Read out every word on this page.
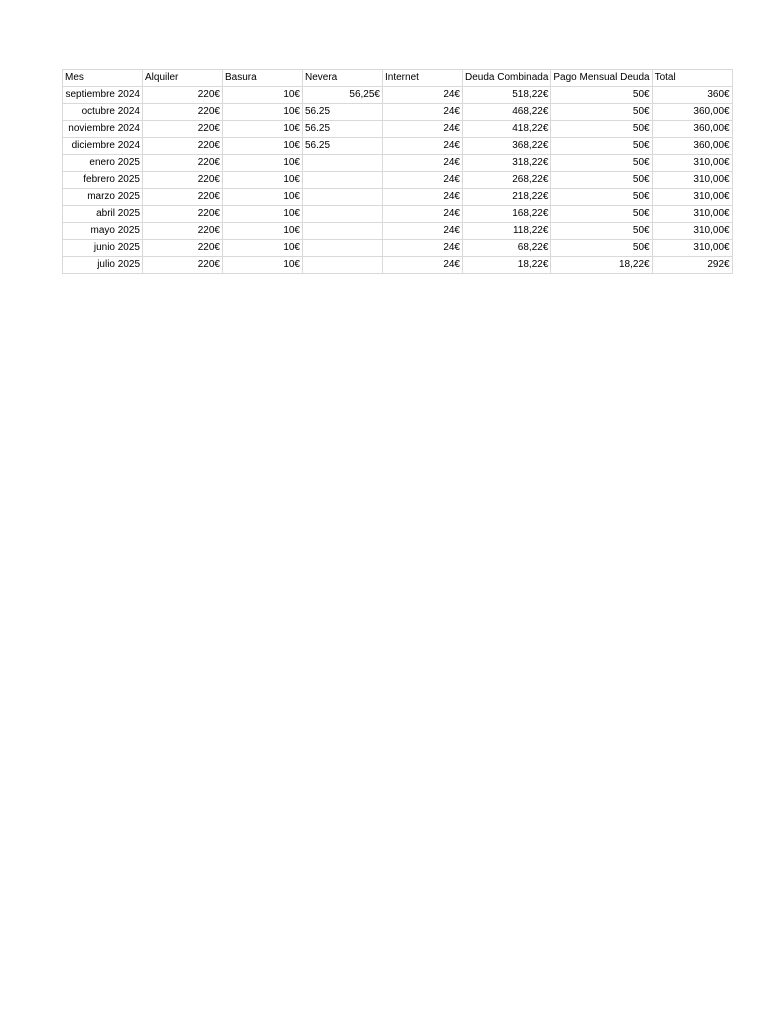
Mes	Alquiler	Basura	Nevera	Internet	Deuda Combinada	Pago Mensual Deuda	Total
septiembre 2024	220€	10€	56,25€	24€	518,22€	50€	360€
octubre 2024	220€	10€	56.25	24€	468,22€	50€	360,00€
noviembre 2024	220€	10€	56.25	24€	418,22€	50€	360,00€
diciembre 2024	220€	10€	56.25	24€	368,22€	50€	360,00€
enero 2025	220€	10€		24€	318,22€	50€	310,00€
febrero 2025	220€	10€		24€	268,22€	50€	310,00€
marzo 2025	220€	10€		24€	218,22€	50€	310,00€
abril 2025	220€	10€		24€	168,22€	50€	310,00€
mayo 2025	220€	10€		24€	118,22€	50€	310,00€
junio 2025	220€	10€		24€	68,22€	50€	310,00€
julio 2025	220€	10€		24€	18,22€	18,22€	292€
